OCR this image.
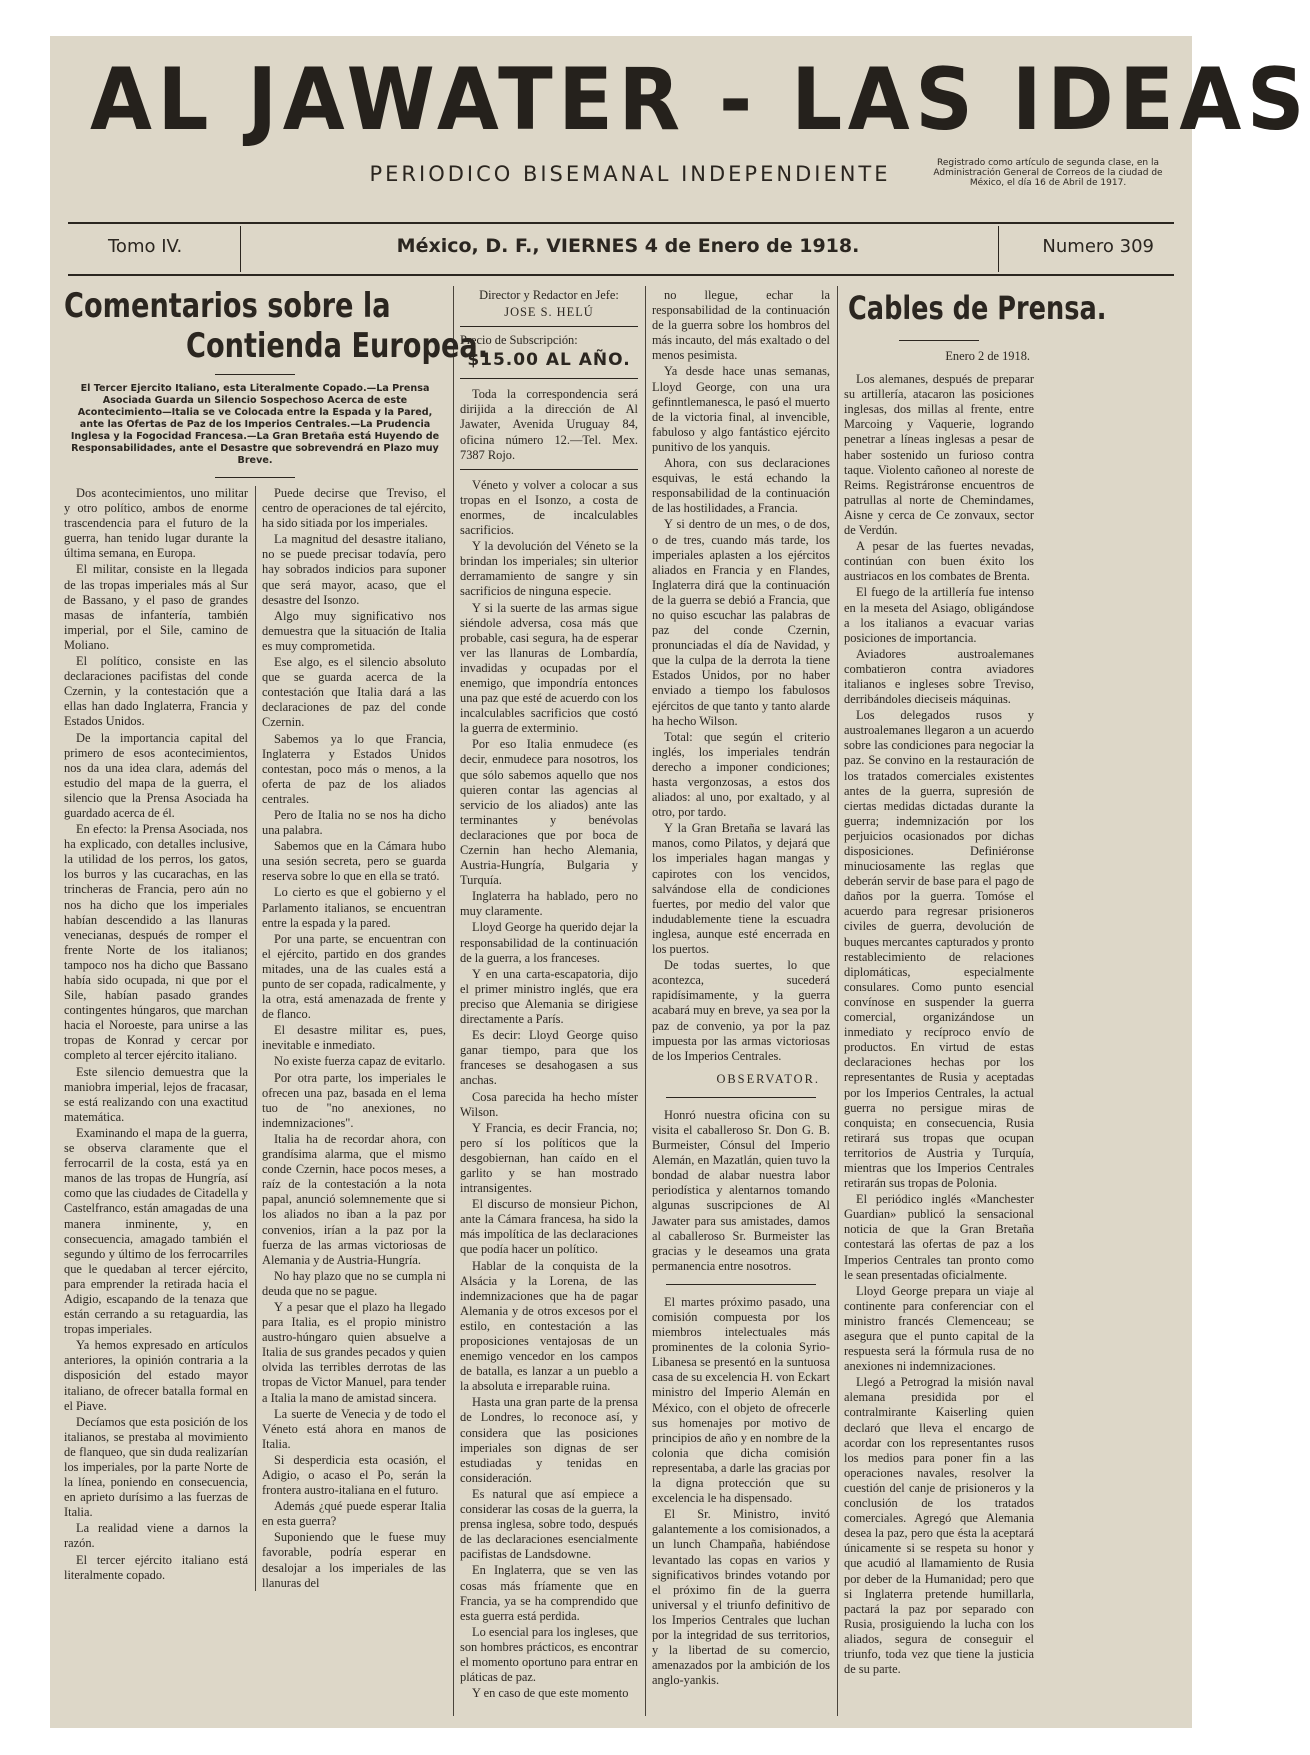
AL JAWATER - LAS IDEAS
PERIODICO BISEMANAL INDEPENDIENTE	Registrado como artículo de segunda clase, en la Administración General de Correos de la ciudad de México, el día 16 de Abril de 1917.
Tomo IV.	México, D. F., VIERNES 4 de Enero de 1918.	Numero 309
Comentarios sobre la
Contienda Europea.
El Tercer Ejercito Italiano, esta Literalmente Copado.—La Prensa Asociada Guarda un Silencio Sospechoso Acerca de este Acontecimiento—Italia se ve Colocada entre la Espada y la Pared, ante las Ofertas de Paz de los Imperios Centrales.—La Prudencia Inglesa y la Fogocidad Francesa.—La Gran Bretaña está Huyendo de Responsabilidades, ante el Desastre que sobrevendrá en Plazo muy Breve.

Dos acontecimientos, uno militar y otro político, ambos de enorme trascendencia para el futuro de la guerra, han tenido lugar durante la última semana, en Europa.

El militar, consiste en la llegada de las tropas imperiales más al Sur de Bassano, y el paso de grandes masas de infantería, también imperial, por el Sile, camino de Moliano.

El político, consiste en las declaraciones pacifistas del conde Czernin, y la contestación que a ellas han dado Inglaterra, Francia y Estados Unidos.

De la importancia capital del primero de esos acontecimientos, nos da una idea clara, además del estudio del mapa de la guerra, el silencio que la Prensa Asociada ha guardado acerca de él.

En efecto: la Prensa Asociada, nos ha explicado, con detalles inclusive, la utilidad de los perros, los gatos, los burros y las cucarachas, en las trincheras de Francia, pero aún no nos ha dicho que los imperiales habían descendido a las llanuras venecianas, después de romper el frente Norte de los italianos; tampoco nos ha dicho que Bassano había sido ocupada, ni que por el Sile, habían pasado grandes contingentes húngaros, que marchan hacia el Noroeste, para unirse a las tropas de Konrad y cercar por completo al tercer ejército italiano.

Este silencio demuestra que la maniobra imperial, lejos de fracasar, se está realizando con una exactitud matemática.

Examinando el mapa de la guerra, se observa claramente que el ferrocarril de la costa, está ya en manos de las tropas de Hungría, así como que las ciudades de Citadella y Castelfranco, están amagadas de una manera inminente, y, en consecuencia, amagado también el segundo y último de los ferrocarriles que le quedaban al tercer ejército, para emprender la retirada hacia el Adigio, escapando de la tenaza que están cerrando a su retaguardia, las tropas imperiales.

Ya hemos expresado en artículos anteriores, la opinión contraria a la disposición del estado mayor italiano, de ofrecer batalla formal en el Piave.

Decíamos que esta posición de los italianos, se prestaba al movimiento de flanqueo, que sin duda realizarían los imperiales, por la parte Norte de la línea, poniendo en consecuencia, en aprieto durísimo a las fuerzas de Italia.

La realidad viene a darnos la razón.

El tercer ejército italiano está literalmente copado.

Puede decirse que Treviso, el centro de operaciones de tal ejército, ha sido sitiada por los imperiales.

La magnitud del desastre italiano, no se puede precisar todavía, pero hay sobrados indicios para suponer que será mayor, acaso, que el desastre del Isonzo.

Algo muy significativo nos demuestra que la situación de Italia es muy comprometida.

Ese algo, es el silencio absoluto que se guarda acerca de la contestación que Italia dará a las declaraciones de paz del conde Czernin.

Sabemos ya lo que Francia, Inglaterra y Estados Unidos contestan, poco más o menos, a la oferta de paz de los aliados centrales.

Pero de Italia no se nos ha dicho una palabra.

Sabemos que en la Cámara hubo una sesión secreta, pero se guarda reserva sobre lo que en ella se trató.

Lo cierto es que el gobierno y el Parlamento italianos, se encuentran entre la espada y la pared.

Por una parte, se encuentran con el ejército, partido en dos grandes mitades, una de las cuales está a punto de ser copada, radicalmente, y la otra, está amenazada de frente y de flanco.

El desastre militar es, pues, inevitable e inmediato.

No existe fuerza capaz de evitarlo.

Por otra parte, los imperiales le ofrecen una paz, basada en el lema tuo de "no anexiones, no indemnizaciones".

Italia ha de recordar ahora, con grandísima alarma, que el mismo conde Czernin, hace pocos meses, a raíz de la contestación a la nota papal, anunció solemnemente que si los aliados no iban a la paz por convenios, irían a la paz por la fuerza de las armas victoriosas de Alemania y de Austria-Hungría.

No hay plazo que no se cumpla ni deuda que no se pague.

Y a pesar que el plazo ha llegado para Italia, es el propio ministro austro-húngaro quien absuelve a Italia de sus grandes pecados y quien olvida las terribles derrotas de las tropas de Victor Manuel, para tender a Italia la mano de amistad sincera.

La suerte de Venecia y de todo el Véneto está ahora en manos de Italia.

Si desperdicia esta ocasión, el Adigio, o acaso el Po, serán la frontera austro-italiana en el futuro.

Además ¿qué puede esperar Italia en esta guerra?

Suponiendo que le fuese muy favorable, podría esperar en desalojar a los imperiales de las llanuras del

Director y Redactor en Jefe:
JOSE S. HELÚ
Precio de Subscripción:
$15.00 AL AÑO.

Toda la correspondencia será dirijida a la dirección de Al Jawater, Avenida Uruguay 84, oficina número 12.—Tel. Mex. 7387 Rojo.

Véneto y volver a colocar a sus tropas en el Isonzo, a costa de enormes, de incalculables sacrificios.

Y la devolución del Véneto se la brindan los imperiales; sin ulterior derramamiento de sangre y sin sacrificios de ninguna especie.

Y si la suerte de las armas sigue siéndole adversa, cosa más que probable, casi segura, ha de esperar ver las llanuras de Lombardía, invadidas y ocupadas por el enemigo, que impondría entonces una paz que esté de acuerdo con los incalculables sacrificios que costó la guerra de exterminio.

Por eso Italia enmudece (es decir, enmudece para nosotros, los que sólo sabemos aquello que nos quieren contar las agencias al servicio de los aliados) ante las terminantes y benévolas declaraciones que por boca de Czernin han hecho Alemania, Austria-Hungría, Bulgaria y Turquía.

Inglaterra ha hablado, pero no muy claramente.

Lloyd George ha querido dejar la responsabilidad de la continuación de la guerra, a los franceses.

Y en una carta-escapatoria, dijo el primer ministro inglés, que era preciso que Alemania se dirigiese directamente a París.

Es decir: Lloyd George quiso ganar tiempo, para que los franceses se desahogasen a sus anchas.

Cosa parecida ha hecho míster Wilson.

Y Francia, es decir Francia, no; pero sí los políticos que la desgobiernan, han caído en el garlito y se han mostrado intransigentes.

El discurso de monsieur Pichon, ante la Cámara francesa, ha sido la más impolítica de las declaraciones que podía hacer un político.

Hablar de la conquista de la Alsácia y la Lorena, de las indemnizaciones que ha de pagar Alemania y de otros excesos por el estilo, en contestación a las proposiciones ventajosas de un enemigo vencedor en los campos de batalla, es lanzar a un pueblo a la absoluta e irreparable ruina.

Hasta una gran parte de la prensa de Londres, lo reconoce así, y considera que las posiciones imperiales son dignas de ser estudiadas y tenidas en consideración.

Es natural que así empiece a considerar las cosas de la guerra, la prensa inglesa, sobre todo, después de las declaraciones esencialmente pacifistas de Landsdowne.

En Inglaterra, que se ven las cosas más fríamente que en Francia, ya se ha comprendido que esta guerra está perdida.

Lo esencial para los ingleses, que son hombres prácticos, es encontrar el momento oportuno para entrar en pláticas de paz.

Y en caso de que este momento

no llegue, echar la responsabilidad de la continuación de la guerra sobre los hombros del más incauto, del más exaltado o del menos pesimista.

Ya desde hace unas semanas, Lloyd George, con una ura gefinntlemanesca, le pasó el muerto de la victoria final, al invencible, fabuloso y algo fantástico ejército punitivo de los yanquis.

Ahora, con sus declaraciones esquivas, le está echando la responsabilidad de la continuación de las hostilidades, a Francia.

Y si dentro de un mes, o de dos, o de tres, cuando más tarde, los imperiales aplasten a los ejércitos aliados en Francia y en Flandes, Inglaterra dirá que la continuación de la guerra se debió a Francia, que no quiso escuchar las palabras de paz del conde Czernin, pronunciadas el día de Navidad, y que la culpa de la derrota la tiene Estados Unidos, por no haber enviado a tiempo los fabulosos ejércitos de que tanto y tanto alarde ha hecho Wilson.

Total: que según el criterio inglés, los imperiales tendrán derecho a imponer condiciones; hasta vergonzosas, a estos dos aliados: al uno, por exaltado, y al otro, por tardo.

Y la Gran Bretaña se lavará las manos, como Pilatos, y dejará que los imperiales hagan mangas y capirotes con los vencidos, salvándose ella de condiciones fuertes, por medio del valor que indudablemente tiene la escuadra inglesa, aunque esté encerrada en los puertos.

De todas suertes, lo que acontezca, sucederá rapidísimamente, y la guerra acabará muy en breve, ya sea por la paz de convenio, ya por la paz impuesta por las armas victoriosas de los Imperios Centrales.

OBSERVATOR.

Honró nuestra oficina con su visita el caballeroso Sr. Don G. B. Burmeister, Cónsul del Imperio Alemán, en Mazatlán, quien tuvo la bondad de alabar nuestra labor periodística y alentarnos tomando algunas suscripciones de Al Jawater para sus amistades, damos al caballeroso Sr. Burmeister las gracias y le deseamos una grata permanencia entre nosotros.

El martes próximo pasado, una comisión compuesta por los miembros intelectuales más prominentes de la colonia Syrio-Libanesa se presentó en la suntuosa casa de su excelencia H. von Eckart ministro del Imperio Alemán en México, con el objeto de ofrecerle sus homenajes por motivo de principios de año y en nombre de la colonia que dicha comisión representaba, a darle las gracias por la digna protección que su excelencia le ha dispensado.

El Sr. Ministro, invitó galantemente a los comisionados, a un lunch Champaña, habiéndose levantado las copas en varios y significativos brindes votando por el próximo fin de la guerra universal y el triunfo definitivo de los Imperios Centrales que luchan por la integridad de sus territorios, y la libertad de su comercio, amenazados por la ambición de los anglo-yankis.

Cables de Prensa.
Enero 2 de 1918.

Los alemanes, después de preparar su artillería, atacaron las posiciones inglesas, dos millas al frente, entre Marcoing y Vaquerie, logrando penetrar a líneas inglesas a pesar de haber sostenido un furioso contra taque. Violento cañoneo al noreste de Reims. Registráronse encuentros de patrullas al norte de Chemindames, Aisne y cerca de Ce zonvaux, sector de Verdún.

A pesar de las fuertes nevadas, continúan con buen éxito los austriacos en los combates de Brenta.

El fuego de la artillería fue intenso en la meseta del Asiago, obligándose a los italianos a evacuar varias posiciones de importancia.

Aviadores austroalemanes combatieron contra aviadores italianos e ingleses sobre Treviso, derribándoles dieciseis máquinas.

Los delegados rusos y austroalemanes llegaron a un acuerdo sobre las condiciones para negociar la paz. Se convino en la restauración de los tratados comerciales existentes antes de la guerra, supresión de ciertas medidas dictadas durante la guerra; indemnización por los perjuicios ocasionados por dichas disposiciones. Definiéronse minuciosamente las reglas que deberán servir de base para el pago de daños por la guerra. Tomóse el acuerdo para regresar prisioneros civiles de guerra, devolución de buques mercantes capturados y pronto restablecimiento de relaciones diplomáticas, especialmente consulares. Como punto esencial convínose en suspender la guerra comercial, organizándose un inmediato y recíproco envío de productos. En virtud de estas declaraciones hechas por los representantes de Rusia y aceptadas por los Imperios Centrales, la actual guerra no persigue miras de conquista; en consecuencia, Rusia retirará sus tropas que ocupan territorios de Austria y Turquía, mientras que los Imperios Centrales retirarán sus tropas de Polonia.

El periódico inglés «Manchester Guardian» publicó la sensacional noticia de que la Gran Bretaña contestará las ofertas de paz a los Imperios Centrales tan pronto como le sean presentadas oficialmente.

Lloyd George prepara un viaje al continente para conferenciar con el ministro francés Clemenceau; se asegura que el punto capital de la respuesta será la fórmula rusa de no anexiones ni indemnizaciones.

Llegó a Petrograd la misión naval alemana presidida por el contralmirante Kaiserling quien declaró que lleva el encargo de acordar con los representantes rusos los medios para poner fin a las operaciones navales, resolver la cuestión del canje de prisioneros y la conclusión de los tratados comerciales. Agregó que Alemania desea la paz, pero que ésta la aceptará únicamente si se respeta su honor y que acudió al llamamiento de Rusia por deber de la Humanidad; pero que si Inglaterra pretende humillarla, pactará la paz por separado con Rusia, prosiguiendo la lucha con los aliados, segura de conseguir el triunfo, toda vez que tiene la justicia de su parte.
